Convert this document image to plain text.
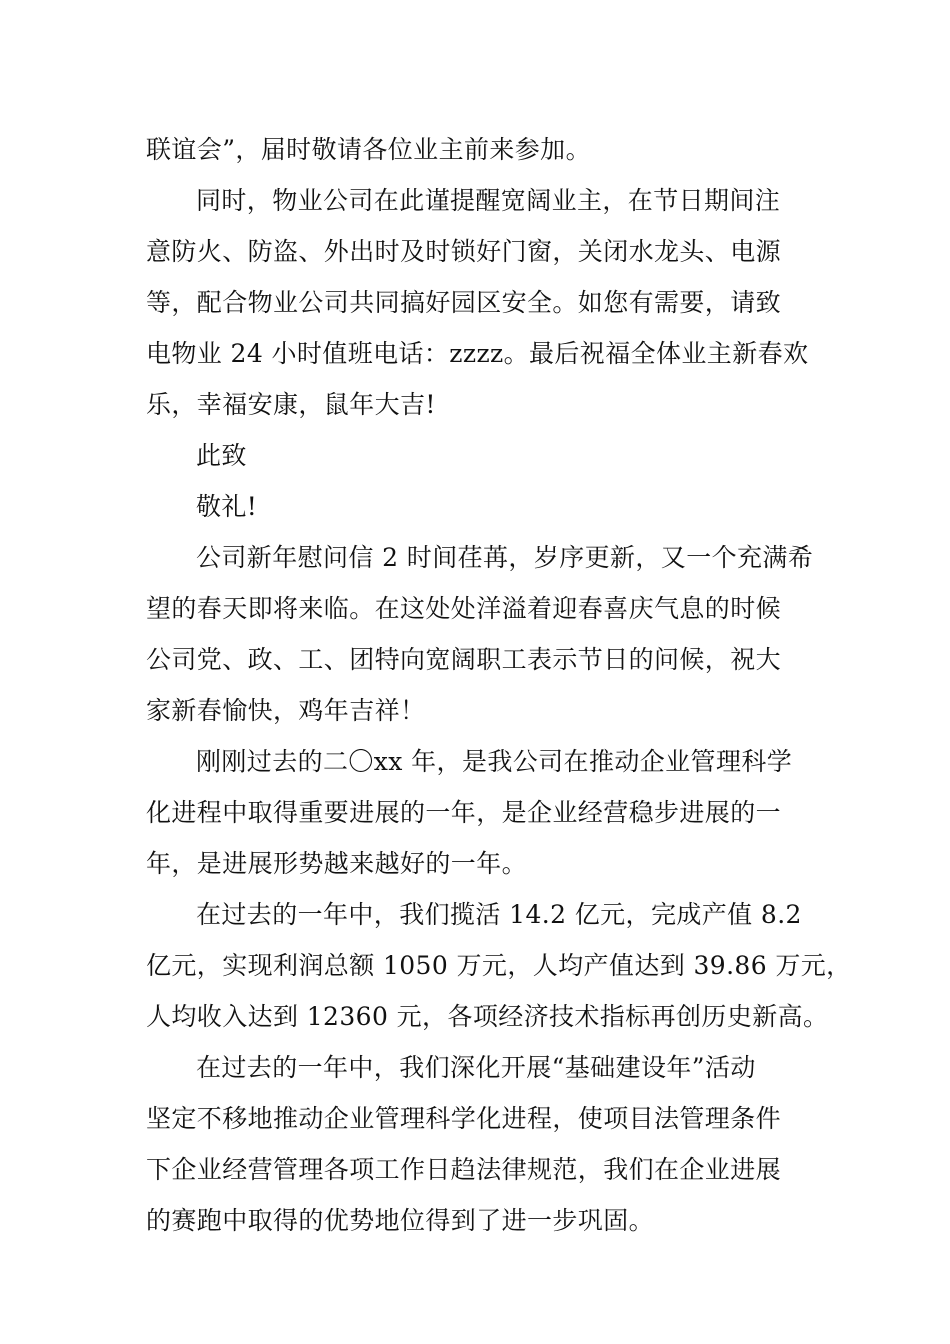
联谊会”，届时敬请各位业主前来参加。
同时，物业公司在此谨提醒宽阔业主，在节日期间注
意防火、防盗、外出时及时锁好门窗，关闭水龙头、电源
等，配合物业公司共同搞好园区安全。如您有需要，请致
电物业 24 小时值班电话：zzzz。最后祝福全体业主新春欢
乐，幸福安康，鼠年大吉!
此致
敬礼!
公司新年慰问信 2 时间荏苒，岁序更新，又一个充满希
望的春天即将来临。在这处处洋溢着迎春喜庆气息的时候
公司党、政、工、团特向宽阔职工表示节日的问候，祝大
家新春愉快，鸡年吉祥！
刚刚过去的二〇xx 年，是我公司在推动企业管理科学
化进程中取得重要进展的一年，是企业经营稳步进展的一
年，是进展形势越来越好的一年。
在过去的一年中，我们揽活 14.2 亿元，完成产值 8.2
亿元，实现利润总额 1050 万元，人均产值达到 39.86 万元，
人均收入达到 12360 元，各项经济技术指标再创历史新高。
在过去的一年中，我们深化开展“基础建设年”活动
坚定不移地推动企业管理科学化进程，使项目法管理条件
下企业经营管理各项工作日趋法律规范，我们在企业进展
的赛跑中取得的优势地位得到了进一步巩固。
